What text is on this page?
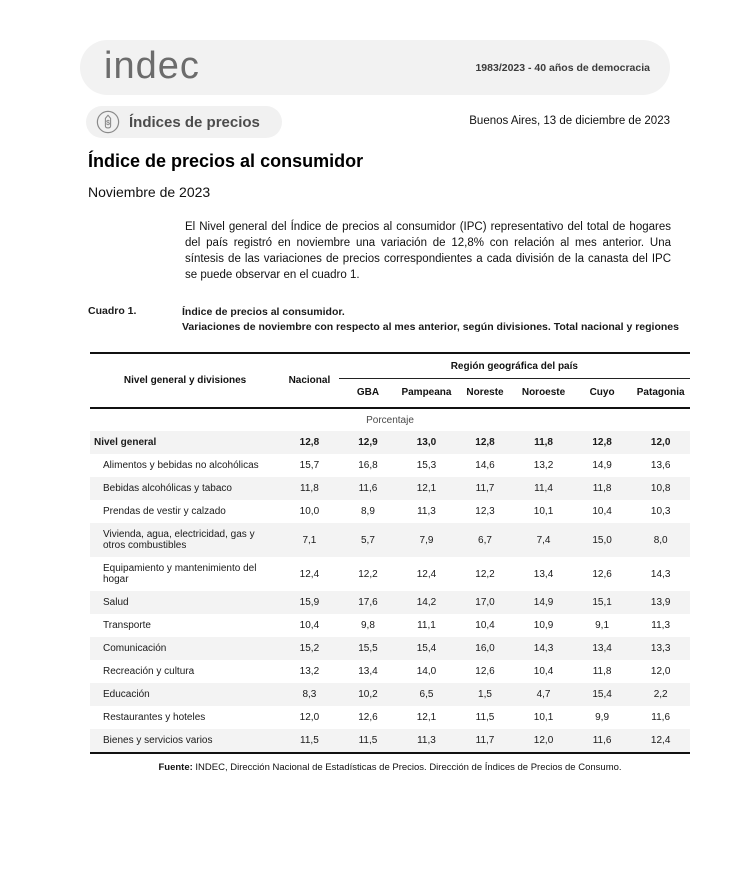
indec	1983/2023 - 40 años de democracia
$ Índices de precios	Buenos Aires, 13 de diciembre de 2023
Índice de precios al consumidor
Noviembre de 2023

El Nivel general del Índice de precios al consumidor (IPC) representativo del total de hogares del país registró en noviembre una variación de 12,8% con relación al mes anterior. Una síntesis de las variaciones de precios correspondientes a cada división de la canasta del IPC se puede observar en el cuadro 1.

Cuadro 1.	Índice de precios al consumidor.
Variaciones de noviembre con respecto al mes anterior, según divisiones. Total nacional y regiones
Nivel general y divisiones	Nacional	Región geográfica del país					
		GBA	Pampeana	Noreste	Noroeste	Cuyo	Patagonia
Porcentaje							
Nivel general	12,8	12,9	13,0	12,8	11,8	12,8	12,0
Alimentos y bebidas no alcohólicas	15,7	16,8	15,3	14,6	13,2	14,9	13,6
Bebidas alcohólicas y tabaco	11,8	11,6	12,1	11,7	11,4	11,8	10,8
Prendas de vestir y calzado	10,0	8,9	11,3	12,3	10,1	10,4	10,3
Vivienda, agua, electricidad, gas y otros combustibles	7,1	5,7	7,9	6,7	7,4	15,0	8,0
Equipamiento y mantenimiento del hogar	12,4	12,2	12,4	12,2	13,4	12,6	14,3
Salud	15,9	17,6	14,2	17,0	14,9	15,1	13,9
Transporte	10,4	9,8	11,1	10,4	10,9	9,1	11,3
Comunicación	15,2	15,5	15,4	16,0	14,3	13,4	13,3
Recreación y cultura	13,2	13,4	14,0	12,6	10,4	11,8	12,0
Educación	8,3	10,2	6,5	1,5	4,7	15,4	2,2
Restaurantes y hoteles	12,0	12,6	12,1	11,5	10,1	9,9	11,6
Bienes y servicios varios	11,5	11,5	11,3	11,7	12,0	11,6	12,4
Fuente: INDEC, Dirección Nacional de Estadísticas de Precios. Dirección de Índices de Precios de Consumo.
